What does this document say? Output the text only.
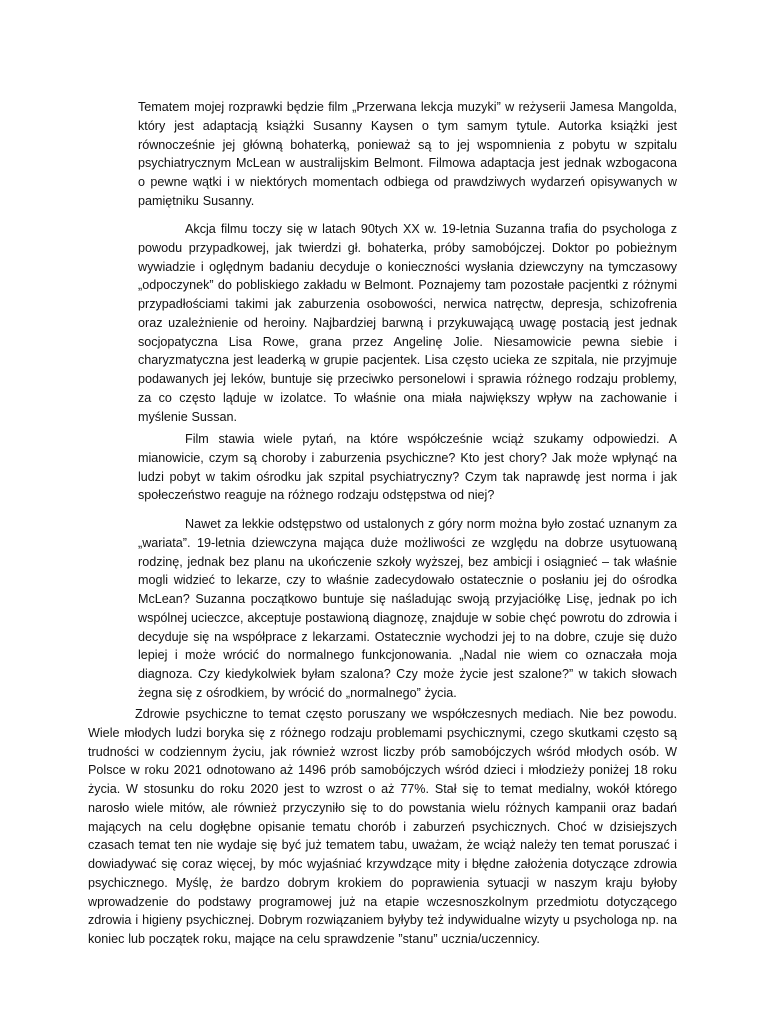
Tematem mojej rozprawki będzie film „Przerwana lekcja muzyki” w reżyserii Jamesa Mangolda, który jest adaptacją książki Susanny Kaysen o tym samym tytule. Autorka książki jest równocześnie jej główną bohaterką, ponieważ są to jej wspomnienia z pobytu w szpitalu psychiatrycznym McLean w australijskim Belmont. Filmowa adaptacja jest jednak wzbogacona o pewne wątki i w niektórych momentach odbiega od prawdziwych wydarzeń opisywanych w pamiętniku Susanny.

Akcja filmu toczy się w latach 90tych XX w. 19-letnia Suzanna trafia do psychologa z powodu przypadkowej, jak twierdzi gł. bohaterka, próby samobójczej. Doktor po pobieżnym wywiadzie i oględnym badaniu decyduje o konieczności wysłania dziewczyny na tymczasowy „odpoczynek” do pobliskiego zakładu w Belmont. Poznajemy tam pozostałe pacjentki z różnymi przypadłościami takimi jak zaburzenia osobowości, nerwica natręctw, depresja, schizofrenia oraz uzależnienie od heroiny. Najbardziej barwną i przykuwającą uwagę postacią jest jednak socjopatyczna Lisa Rowe, grana przez Angelinę Jolie. Niesamowicie pewna siebie i charyzmatyczna jest leaderką w grupie pacjentek. Lisa często ucieka ze szpitala, nie przyjmuje podawanych jej leków, buntuje się przeciwko personelowi i sprawia różnego rodzaju problemy, za co często ląduje w izolatce. To właśnie ona miała największy wpływ na zachowanie i myślenie Sussan.

Film stawia wiele pytań, na które współcześnie wciąż szukamy odpowiedzi. A mianowicie, czym są choroby i zaburzenia psychiczne? Kto jest chory? Jak może wpłynąć na ludzi pobyt w takim ośrodku jak szpital psychiatryczny? Czym tak naprawdę jest norma i jak społeczeństwo reaguje na różnego rodzaju odstępstwa od niej?

Nawet za lekkie odstępstwo od ustalonych z góry norm można było zostać uznanym za „wariata”. 19-letnia dziewczyna mająca duże możliwości ze względu na dobrze usytuowaną rodzinę, jednak bez planu na ukończenie szkoły wyższej, bez ambicji i osiągnieć – tak właśnie mogli widzieć to lekarze, czy to właśnie zadecydowało ostatecznie o posłaniu jej do ośrodka McLean? Suzanna początkowo buntuje się naśladując swoją przyjaciółkę Lisę, jednak po ich wspólnej ucieczce, akceptuje postawioną diagnozę, znajduje w sobie chęć powrotu do zdrowia i decyduje się na współprace z lekarzami. Ostatecznie wychodzi jej to na dobre, czuje się dużo lepiej i może wrócić do normalnego funkcjonowania. „Nadal nie wiem co oznaczała moja diagnoza. Czy kiedykolwiek byłam szalona? Czy może życie jest szalone?” w takich słowach żegna się z ośrodkiem, by wrócić do „normalnego” życia.

Zdrowie psychiczne to temat często poruszany we współczesnych mediach. Nie bez powodu. Wiele młodych ludzi boryka się z różnego rodzaju problemami psychicznymi, czego skutkami często są trudności w codziennym życiu, jak również wzrost liczby prób samobójczych wśród młodych osób. W Polsce w roku 2021 odnotowano aż 1496 prób samobójczych wśród dzieci i młodzieży poniżej 18 roku życia. W stosunku do roku 2020 jest to wzrost o aż 77%. Stał się to temat medialny, wokół którego narosło wiele mitów, ale również przyczyniło się to do powstania wielu różnych kampanii oraz badań mających na celu dogłębne opisanie tematu chorób i zaburzeń psychicznych. Choć w dzisiejszych czasach temat ten nie wydaje się być już tematem tabu, uważam, że wciąż należy ten temat poruszać i dowiadywać się coraz więcej, by móc wyjaśniać krzywdzące mity i błędne założenia dotyczące zdrowia psychicznego. Myślę, że bardzo dobrym krokiem do poprawienia sytuacji w naszym kraju byłoby wprowadzenie do podstawy programowej już na etapie wczesnoszkolnym przedmiotu dotyczącego zdrowia i higieny psychicznej. Dobrym rozwiązaniem byłyby też indywidualne wizyty u psychologa np. na koniec lub początek roku, mające na celu sprawdzenie ”stanu” ucznia/uczennicy.
